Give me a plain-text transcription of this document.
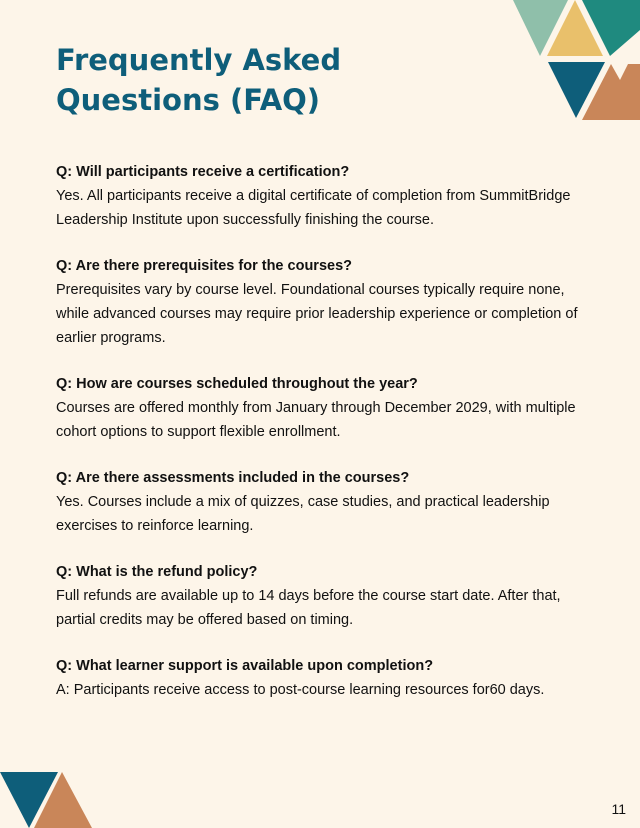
Frequently Asked
Questions (FAQ)

Q: Will participants receive a certification?

Yes. All participants receive a digital certificate of completion from SummitBridge Leadership Institute upon successfully finishing the course.

Q: Are there prerequisites for the courses?

Prerequisites vary by course level. Foundational courses typically require none, while advanced courses may require prior leadership experience or completion of earlier programs.

Q: How are courses scheduled throughout the year?

Courses are offered monthly from January through December 2029, with multiple cohort options to support flexible enrollment.

Q: Are there assessments included in the courses?

Yes. Courses include a mix of quizzes, case studies, and practical leadership exercises to reinforce learning.

Q: What is the refund policy?

Full refunds are available up to 14 days before the course start date. After that, partial credits may be offered based on timing.

Q: What learner support is available upon completion?

A: Participants receive access to post-course learning resources for60 days.

11
